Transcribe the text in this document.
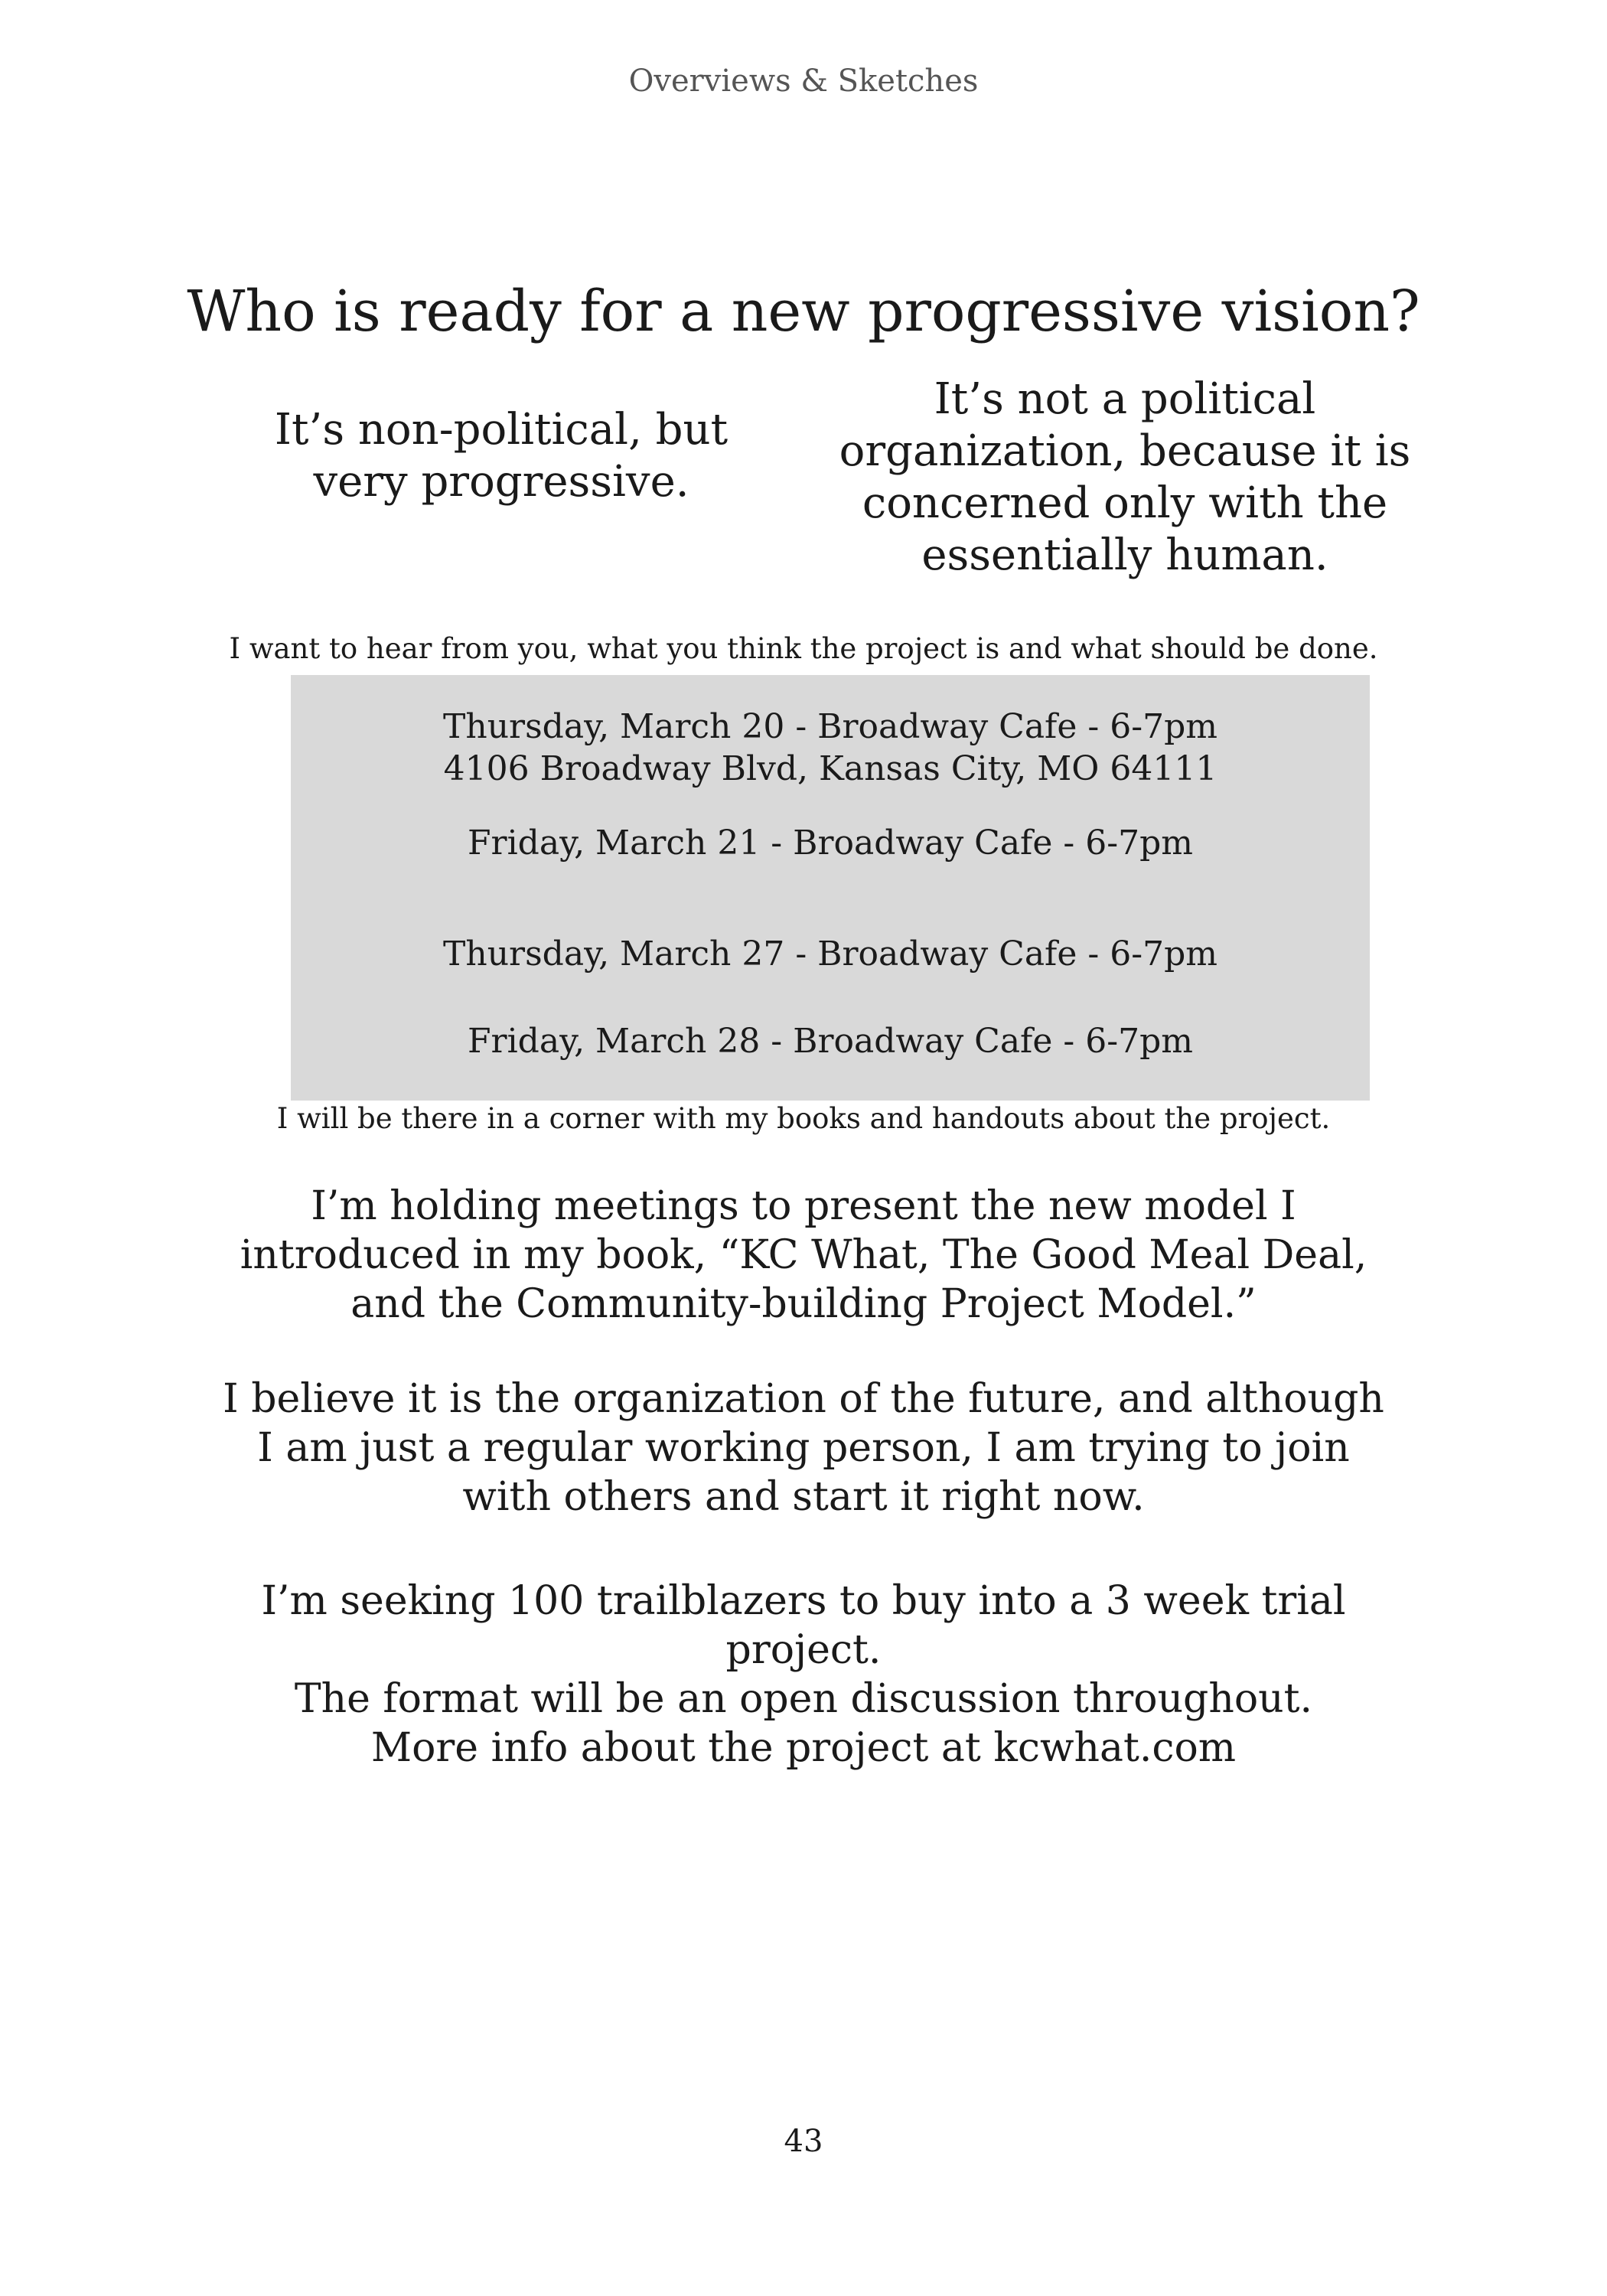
Overviews & Sketches
Who is ready for a new progressive vision?
It’s non-political, but
very progressive.
It’s not a political
organization, because it is
concerned only with the
essentially human.
I want to hear from you, what you think the project is and what should be done.
Thursday, March 20 - Broadway Cafe - 6-7pm
4106 Broadway Blvd, Kansas City, MO 64111
Friday, March 21 - Broadway Cafe - 6-7pm
Thursday, March 27 - Broadway Cafe - 6-7pm
Friday, March 28 - Broadway Cafe - 6-7pm
I will be there in a corner with my books and handouts about the project.
I’m holding meetings to present the new model I
introduced in my book, “KC What, The Good Meal Deal,
and the Community-building Project Model.”
I believe it is the organization of the future, and although
I am just a regular working person, I am trying to join
with others and start it right now.
I’m seeking 100 trailblazers to buy into a 3 week trial
project.
The format will be an open discussion throughout.
More info about the project at kcwhat.com
43
